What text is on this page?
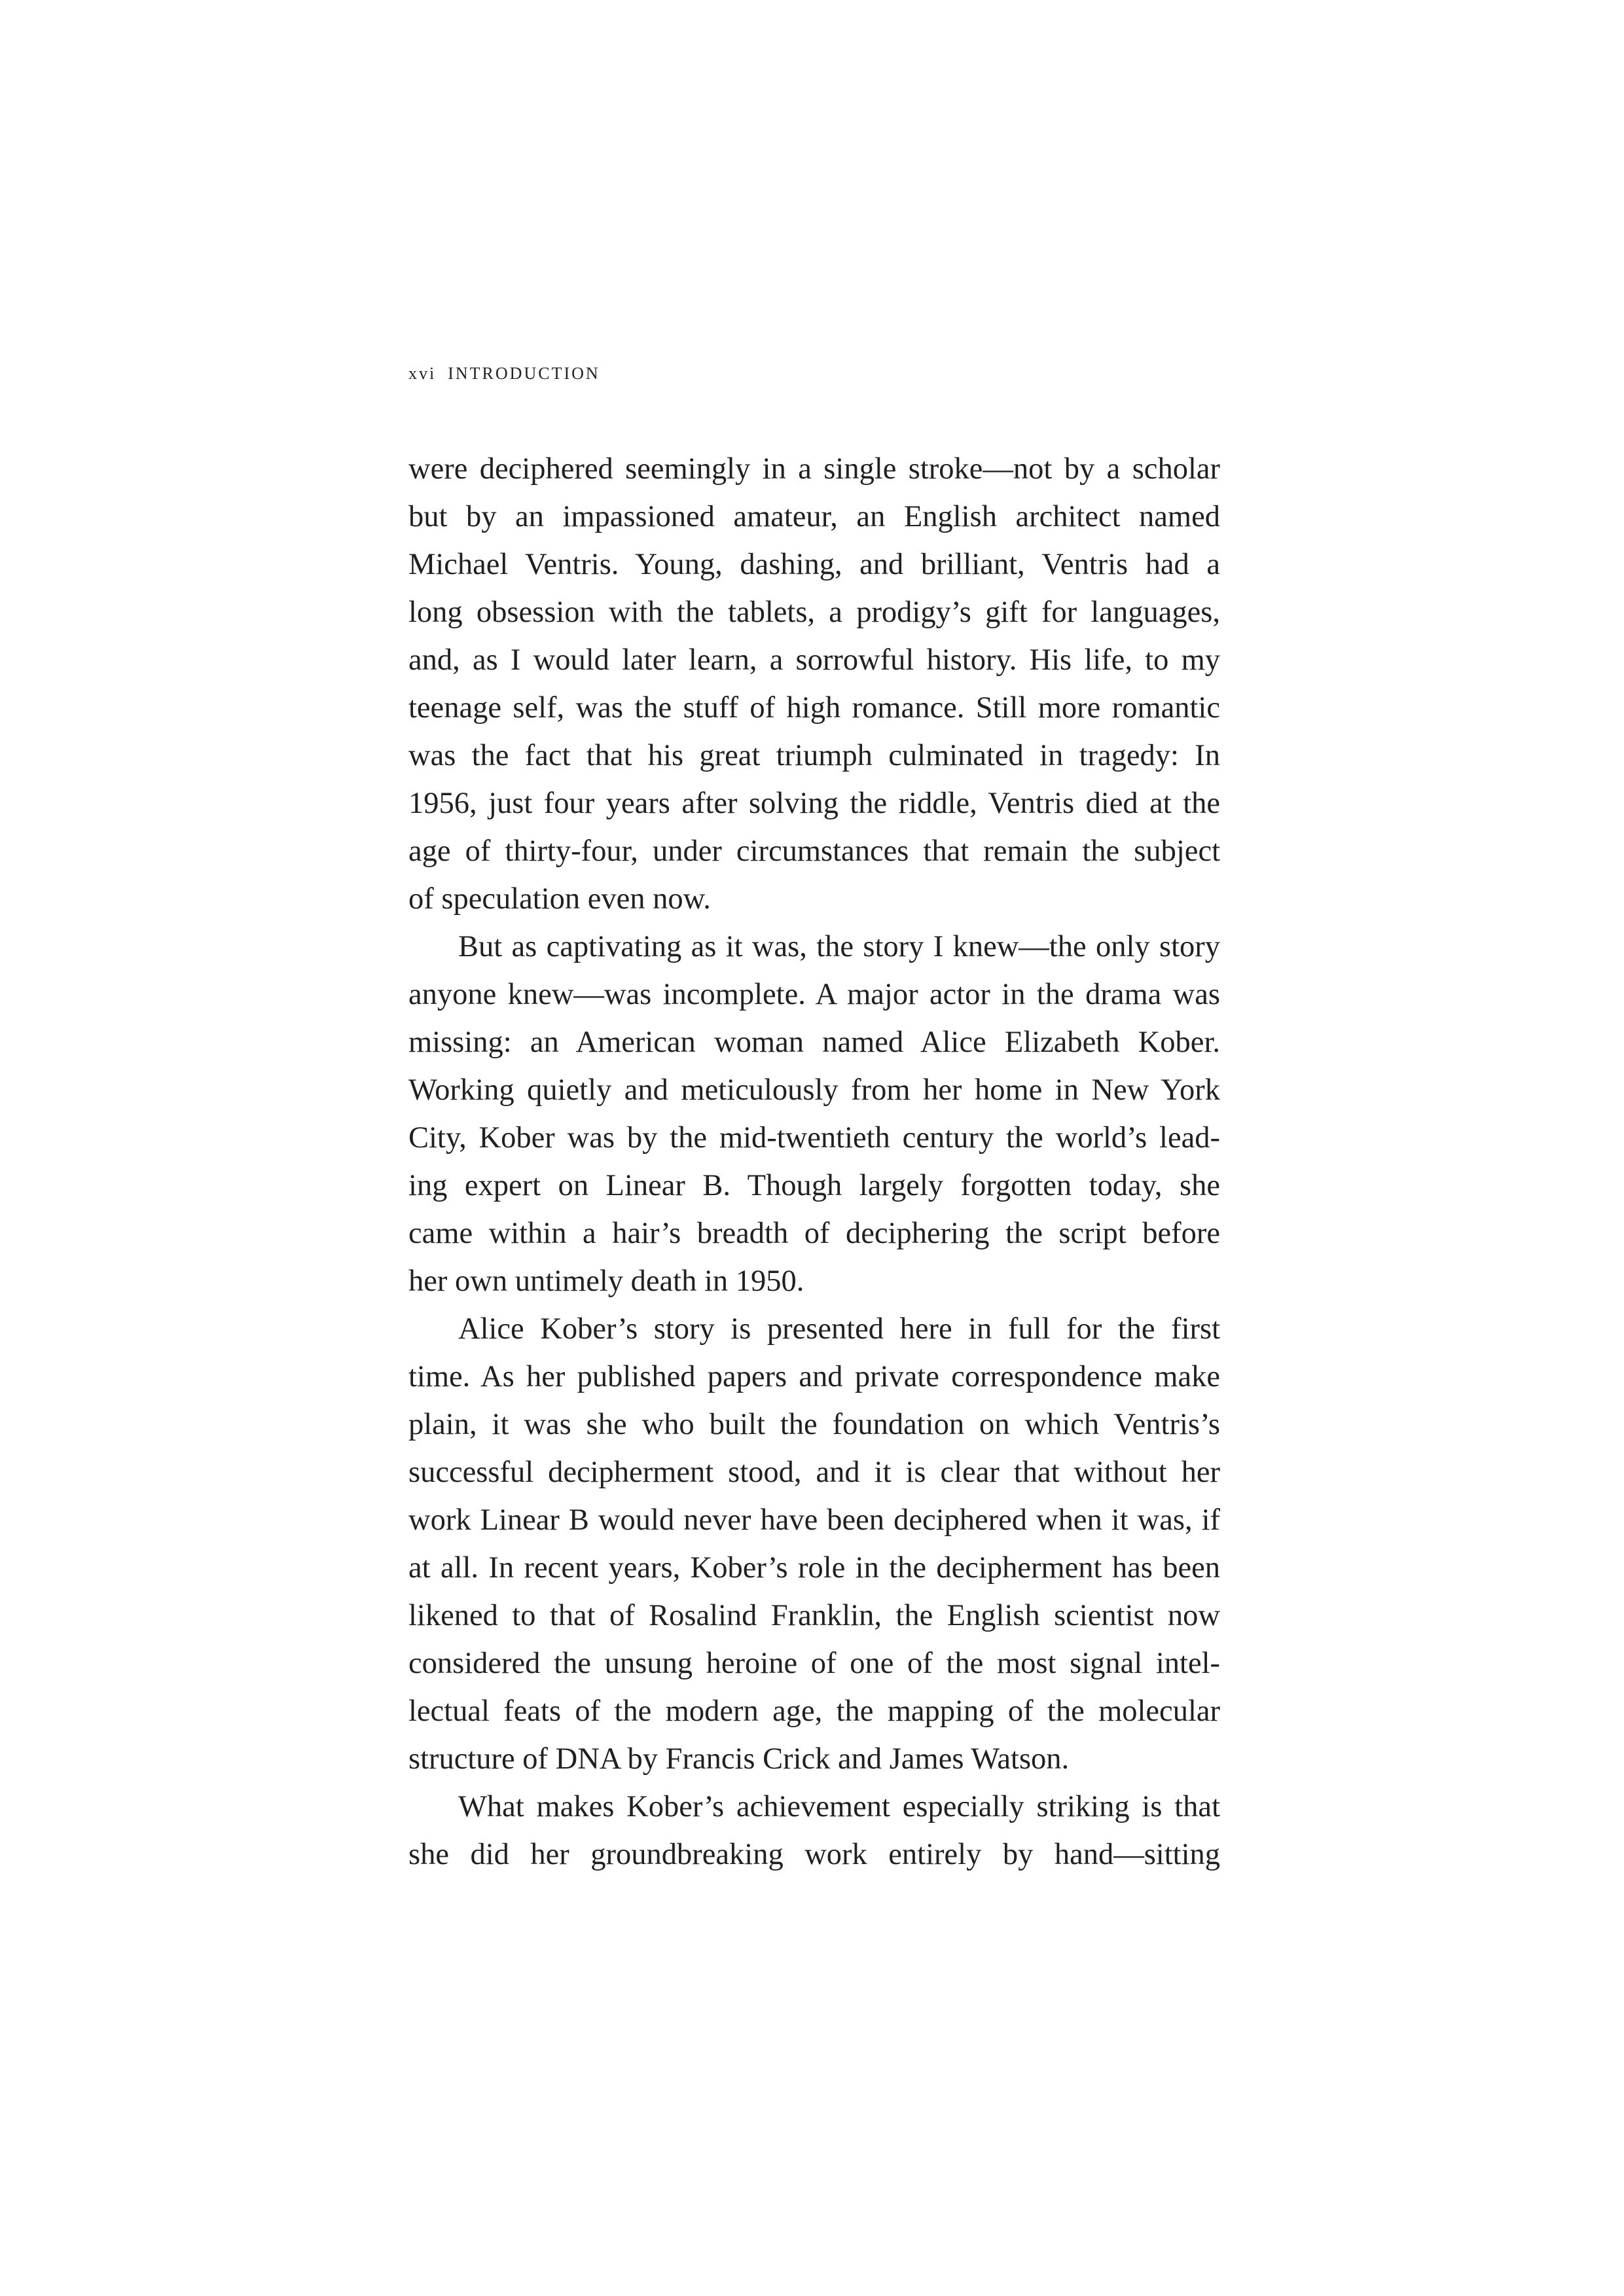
xvi INTRODUCTION
were deciphered seemingly in a single stroke—not by a scholar
but by an impassioned amateur, an English architect named
Michael Ventris. Young, dashing, and brilliant, Ventris had a
long obsession with the tablets, a prodigy’s gift for languages,
and, as I would later learn, a sorrowful history. His life, to my
teenage self, was the stuff of high romance. Still more romantic
was the fact that his great triumph culminated in tragedy: In
1956, just four years after solving the riddle, Ventris died at the
age of thirty-four, under circumstances that remain the subject
of speculation even now.
But as captivating as it was, the story I knew—the only story
anyone knew—was incomplete. A major actor in the drama was
missing: an American woman named Alice Elizabeth Kober.
Working quietly and meticulously from her home in New York
City, Kober was by the mid-twentieth century the world’s lead-
ing expert on Linear B. Though largely forgotten today, she
came within a hair’s breadth of deciphering the script before
her own untimely death in 1950.
Alice Kober’s story is presented here in full for the first
time. As her published papers and private correspondence make
plain, it was she who built the foundation on which Ventris’s
successful decipherment stood, and it is clear that without her
work Linear B would never have been deciphered when it was, if
at all. In recent years, Kober’s role in the decipherment has been
likened to that of Rosalind Franklin, the English scientist now
considered the unsung heroine of one of the most signal intel-
lectual feats of the modern age, the mapping of the molecular
structure of DNA by Francis Crick and James Watson.
What makes Kober’s achievement especially striking is that
she did her groundbreaking work entirely by hand—sitting
